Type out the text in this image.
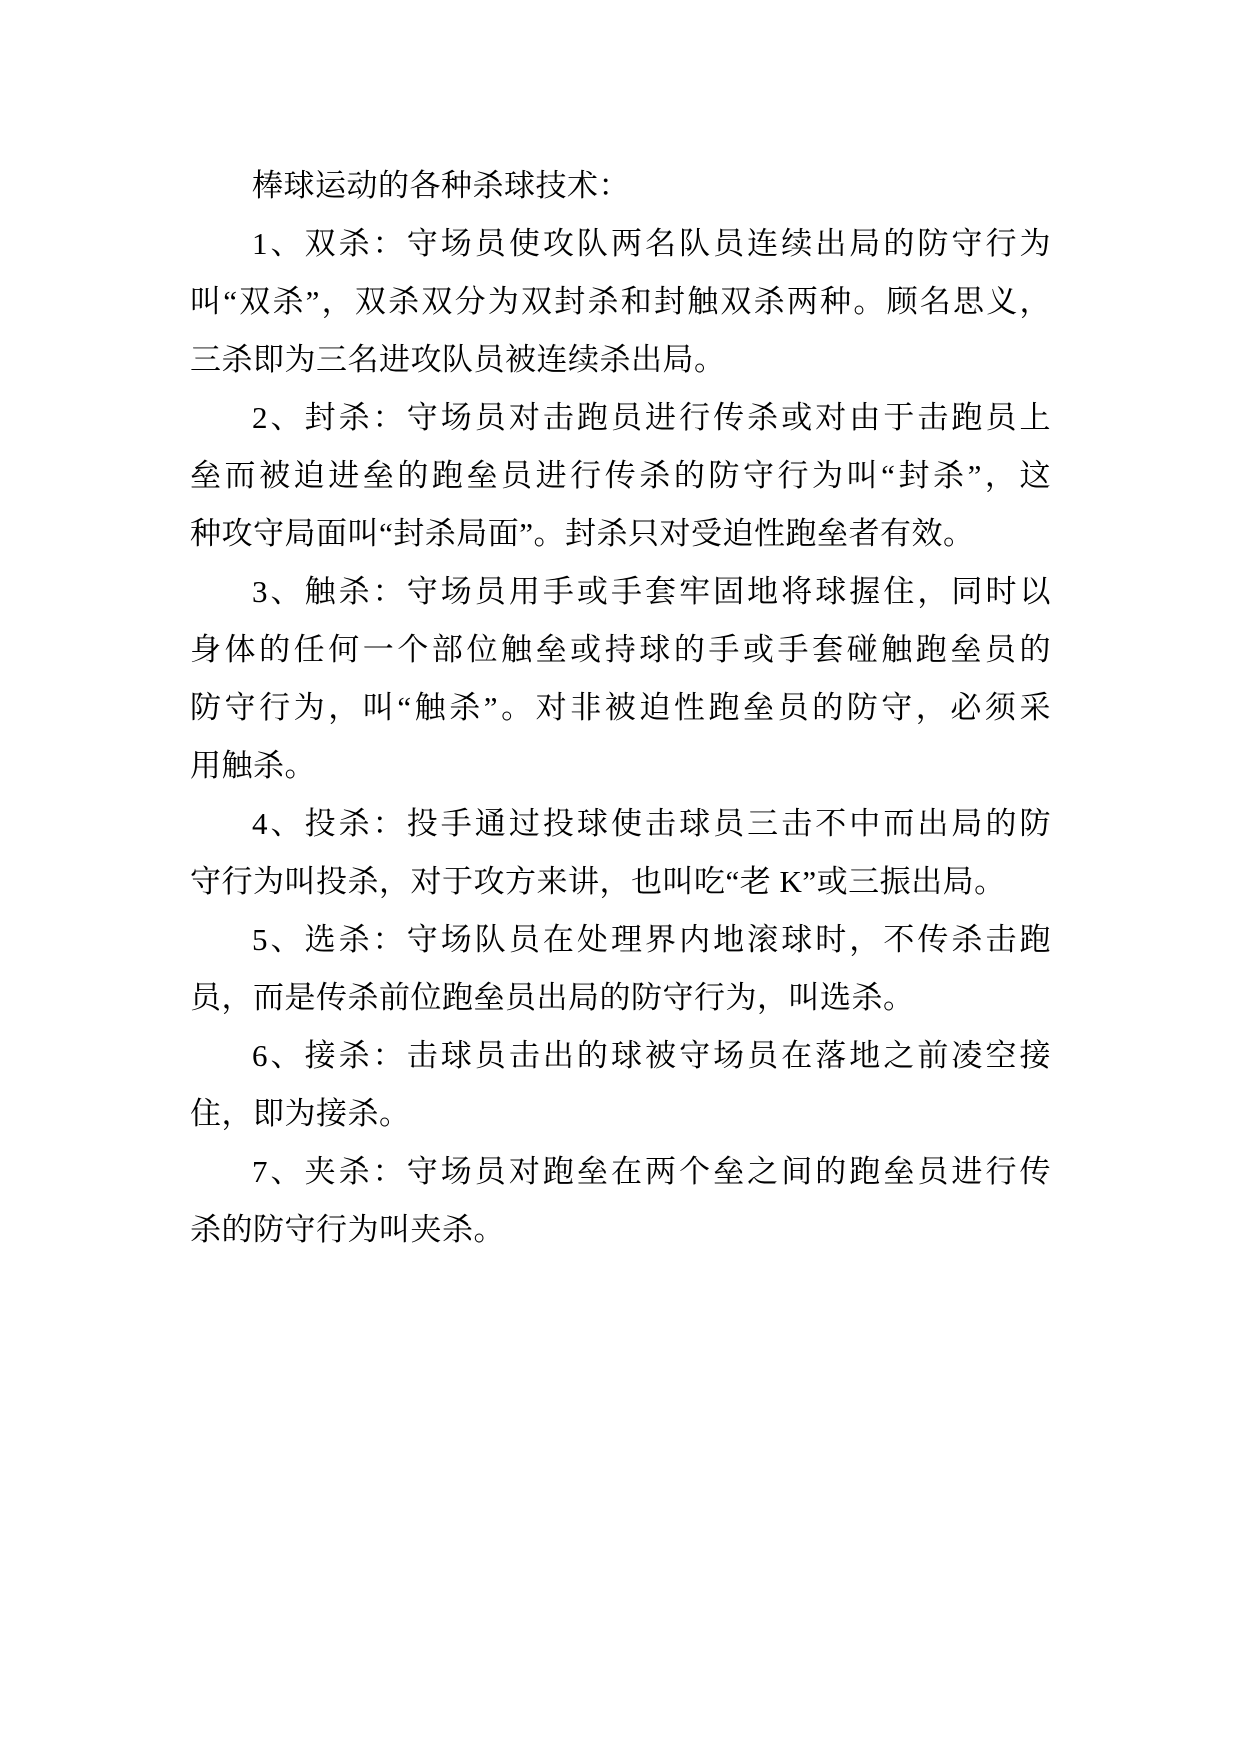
棒球运动的各种杀球技术：
1、双杀：守场员使攻队两名队员连续出局的防守行为
叫“双杀”，双杀双分为双封杀和封触双杀两种。顾名思义，
三杀即为三名进攻队员被连续杀出局。
2、封杀：守场员对击跑员进行传杀或对由于击跑员上
垒而被迫进垒的跑垒员进行传杀的防守行为叫“封杀”，这
种攻守局面叫“封杀局面”。封杀只对受迫性跑垒者有效。
3、触杀：守场员用手或手套牢固地将球握住，同时以
身体的任何一个部位触垒或持球的手或手套碰触跑垒员的
防守行为，叫“触杀”。对非被迫性跑垒员的防守，必须采
用触杀。
4、投杀：投手通过投球使击球员三击不中而出局的防
守行为叫投杀，对于攻方来讲，也叫吃“老 K”或三振出局。
5、选杀：守场队员在处理界内地滚球时，不传杀击跑
员，而是传杀前位跑垒员出局的防守行为，叫选杀。
6、接杀：击球员击出的球被守场员在落地之前凌空接
住，即为接杀。
7、夹杀：守场员对跑垒在两个垒之间的跑垒员进行传
杀的防守行为叫夹杀。
